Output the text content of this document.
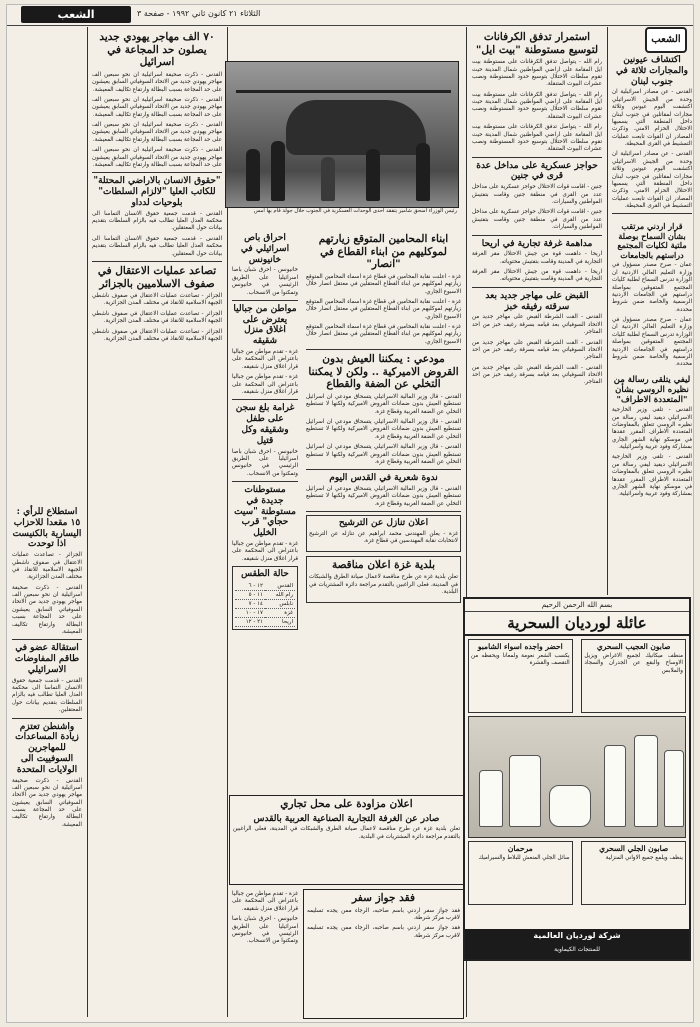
الشعب	الثلاثاء ٢١ كانون ثاني ١٩٩٢ - صفحة ٣
الشعب
اكتشاف عيونين والمجارات ثلاثة في جنوب لبنان

القدس - عن مصادر اسرائيلية ان وحدة من الجيش الاسرائيلي اكتشفت اليوم عيونين وثلاثة مجارات لمقاتلين في جنوب لبنان داخل المنطقة التي يسميها الاحتلال الحزام الامني. وذكرت المصادر ان القوات تابعت عمليات التمشيط في القرى المحيطة.

القدس - عن مصادر اسرائيلية ان وحدة من الجيش الاسرائيلي اكتشفت اليوم عيونين وثلاثة مجارات لمقاتلين في جنوب لبنان داخل المنطقة التي يسميها الاحتلال الحزام الامني. وذكرت المصادر ان القوات تابعت عمليات التمشيط في القرى المحيطة.

قرار اردني مرتقب بشأن السماح بوصلة ملتية لكليات المجتمع دراستهم بالجامعات

عمان - صرح مصدر مسؤول في وزارة التعليم العالي الاردنية ان الوزارة تدرس السماح لطلبة كليات المجتمع المتفوقين بمواصلة دراستهم في الجامعات الاردنية الرسمية والخاصة ضمن شروط محددة.

عمان - صرح مصدر مسؤول في وزارة التعليم العالي الاردنية ان الوزارة تدرس السماح لطلبة كليات المجتمع المتفوقين بمواصلة دراستهم في الجامعات الاردنية الرسمية والخاصة ضمن شروط محددة.

ليفي يتلقى رسالة من نظيره الروسي بشأن "المتعددة الاطراف"

القدس - تلقى وزير الخارجية الاسرائيلي ديفيد ليفي رسالة من نظيره الروسي تتعلق بالمفاوضات المتعددة الاطراف المقرر عقدها في موسكو نهاية الشهر الجاري بمشاركة وفود عربية واسرائيلية.

القدس - تلقى وزير الخارجية الاسرائيلي ديفيد ليفي رسالة من نظيره الروسي تتعلق بالمفاوضات المتعددة الاطراف المقرر عقدها في موسكو نهاية الشهر الجاري بمشاركة وفود عربية واسرائيلية.

استمرار تدفق الكرفانات لتوسيع مستوطنة "بيت ايل"

رام الله - يتواصل تدفق الكرفانات على مستوطنة بيت ايل المقامة على اراضي المواطنين شمال المدينة حيث تقوم سلطات الاحتلال بتوسيع حدود المستوطنة ونصب عشرات البيوت المتنقلة.

رام الله - يتواصل تدفق الكرفانات على مستوطنة بيت ايل المقامة على اراضي المواطنين شمال المدينة حيث تقوم سلطات الاحتلال بتوسيع حدود المستوطنة ونصب عشرات البيوت المتنقلة.

رام الله - يتواصل تدفق الكرفانات على مستوطنة بيت ايل المقامة على اراضي المواطنين شمال المدينة حيث تقوم سلطات الاحتلال بتوسيع حدود المستوطنة ونصب عشرات البيوت المتنقلة.

حواجز عسكرية على مداخل عدة قرى في جنين

جنين - اقامت قوات الاحتلال حواجز عسكرية على مداخل عدد من القرى في منطقة جنين وقامت بتفتيش المواطنين والسيارات.

جنين - اقامت قوات الاحتلال حواجز عسكرية على مداخل عدد من القرى في منطقة جنين وقامت بتفتيش المواطنين والسيارات.

مداهمة غرفة تجارية في اريحا

اريحا - داهمت قوة من جيش الاحتلال مقر الغرفة التجارية في المدينة وقامت بتفتيش محتوياته.

اريحا - داهمت قوة من جيش الاحتلال مقر الغرفة التجارية في المدينة وقامت بتفتيش محتوياته.

القبض على مهاجر جديد بعد سرقته رفيقه خبز

القدس - القت الشرطة القبض على مهاجر جديد من الاتحاد السوفياتي بعد قيامه بسرقة رغيف خبز من احد المتاجر.

القدس - القت الشرطة القبض على مهاجر جديد من الاتحاد السوفياتي بعد قيامه بسرقة رغيف خبز من احد المتاجر.

القدس - القت الشرطة القبض على مهاجر جديد من الاتحاد السوفياتي بعد قيامه بسرقة رغيف خبز من احد المتاجر.

رئيس الوزراء اسحق شامير يتفقد احدى الوحدات العسكرية في الجنوب خلال جولة قام بها امس
ابناء المحامين المتوقع زيارتهم لموكليهم من ابناء القطاع في "انصار"

غزة - اعلنت نقابة المحامين في قطاع غزة اسماء المحامين المتوقع زيارتهم لموكليهم من ابناء القطاع المعتقلين في معتقل انصار خلال الاسبوع الجاري.

غزة - اعلنت نقابة المحامين في قطاع غزة اسماء المحامين المتوقع زيارتهم لموكليهم من ابناء القطاع المعتقلين في معتقل انصار خلال الاسبوع الجاري.

غزة - اعلنت نقابة المحامين في قطاع غزة اسماء المحامين المتوقع زيارتهم لموكليهم من ابناء القطاع المعتقلين في معتقل انصار خلال الاسبوع الجاري.

مودعي : يمكننا العيش بدون القروض الاميركية .. ولكن لا يمكننا التخلي عن الضفة والقطاع

القدس - قال وزير المالية الاسرائيلي يتسحاق مودعي ان اسرائيل تستطيع العيش بدون ضمانات القروض الاميركية ولكنها لا تستطيع التخلي عن الضفة الغربية وقطاع غزة.

القدس - قال وزير المالية الاسرائيلي يتسحاق مودعي ان اسرائيل تستطيع العيش بدون ضمانات القروض الاميركية ولكنها لا تستطيع التخلي عن الضفة الغربية وقطاع غزة.

القدس - قال وزير المالية الاسرائيلي يتسحاق مودعي ان اسرائيل تستطيع العيش بدون ضمانات القروض الاميركية ولكنها لا تستطيع التخلي عن الضفة الغربية وقطاع غزة.

ندوة شعرية في القدس اليوم

القدس - قال وزير المالية الاسرائيلي يتسحاق مودعي ان اسرائيل تستطيع العيش بدون ضمانات القروض الاميركية ولكنها لا تستطيع التخلي عن الضفة الغربية وقطاع غزة.

اعلان تنازل عن الترشيح

غزة - يعلن المهندس محمد ابراهيم عن تنازله عن الترشيح لانتخابات نقابة المهندسين في قطاع غزة.

بلدية غزة اعلان مناقصة

تعلن بلدية غزة عن طرح مناقصة لاعمال صيانة الطرق والشبكات في المدينة، فعلى الراغبين بالتقدم مراجعة دائرة المشتريات في البلدية.

احراق باص اسرائيلي في خانيونس

خانيونس - احرق شبان باصا اسرائيليا على الطريق الرئيسي في خانيونس وتمكنوا من الانسحاب.

مواطن من جباليا يعترض على اغلاق منزل شقيقه

غزة - تقدم مواطن من جباليا باعتراض الى المحكمة على قرار اغلاق منزل شقيقه.

غزة - تقدم مواطن من جباليا باعتراض الى المحكمة على قرار اغلاق منزل شقيقه.

غرامة بلغ سجن على طفل وشقيقه وكل قتيل

خانيونس - احرق شبان باصا اسرائيليا على الطريق الرئيسي في خانيونس وتمكنوا من الانسحاب.

مستوطنات جديدة في مستوطنة "سيت حجاي" قرب الخليل

غزة - تقدم مواطن من جباليا باعتراض الى المحكمة على قرار اغلاق منزل شقيقه.

حالة الطقس
القدس	١٢ - ٦
رام الله	١١ - ٥
نابلس	١٤ - ٧
غزة	١٧ - ١٠
اريحا	٢١ - ١٢
اعلان مزاودة على محل تجاري
صادر عن الغرفة التجارية الصناعية العربية بالقدس

تعلن بلدية غزة عن طرح مناقصة لاعمال صيانة الطرق والشبكات في المدينة، فعلى الراغبين بالتقدم مراجعة دائرة المشتريات في البلدية.

فقد جواز سفر

فقد جواز سفر اردني باسم صاحبه، الرجاء ممن يجده تسليمه لاقرب مركز شرطة.

فقد جواز سفر اردني باسم صاحبه، الرجاء ممن يجده تسليمه لاقرب مركز شرطة.

غزة - تقدم مواطن من جباليا باعتراض الى المحكمة على قرار اغلاق منزل شقيقه.

خانيونس - احرق شبان باصا اسرائيليا على الطريق الرئيسي في خانيونس وتمكنوا من الانسحاب.

٧٠ الف مهاجر يهودي جديد يصلون حد المجاعة في اسرائيل

القدس - ذكرت صحيفة اسرائيلية ان نحو سبعين الف مهاجر يهودي جديد من الاتحاد السوفياتي السابق يعيشون على حد المجاعة بسبب البطالة وارتفاع تكاليف المعيشة.

القدس - ذكرت صحيفة اسرائيلية ان نحو سبعين الف مهاجر يهودي جديد من الاتحاد السوفياتي السابق يعيشون على حد المجاعة بسبب البطالة وارتفاع تكاليف المعيشة.

القدس - ذكرت صحيفة اسرائيلية ان نحو سبعين الف مهاجر يهودي جديد من الاتحاد السوفياتي السابق يعيشون على حد المجاعة بسبب البطالة وارتفاع تكاليف المعيشة.

القدس - ذكرت صحيفة اسرائيلية ان نحو سبعين الف مهاجر يهودي جديد من الاتحاد السوفياتي السابق يعيشون على حد المجاعة بسبب البطالة وارتفاع تكاليف المعيشة.

"حقوق الانسان بالاراضي المحتلة" للكاتب العليا "لالزام السلطات" بلوحيات لدداو

القدس - قدمت جمعية حقوق الانسان التماسا الى محكمة العدل العليا تطالب فيه بالزام السلطات بتقديم بيانات حول المعتقلين.

القدس - قدمت جمعية حقوق الانسان التماسا الى محكمة العدل العليا تطالب فيه بالزام السلطات بتقديم بيانات حول المعتقلين.

تصاعد عمليات الاعتقال في صفوف الاسلاميين بالجزائر

الجزائر - تصاعدت عمليات الاعتقال في صفوف ناشطي الجبهة الاسلامية للانقاذ في مختلف المدن الجزائرية.

الجزائر - تصاعدت عمليات الاعتقال في صفوف ناشطي الجبهة الاسلامية للانقاذ في مختلف المدن الجزائرية.

الجزائر - تصاعدت عمليات الاعتقال في صفوف ناشطي الجبهة الاسلامية للانقاذ في مختلف المدن الجزائرية.

استطلاع للرأي : ١٥ مقعدا للاحزاب اليسارية بالكنيست اذا توحدت

الجزائر - تصاعدت عمليات الاعتقال في صفوف ناشطي الجبهة الاسلامية للانقاذ في مختلف المدن الجزائرية.

القدس - ذكرت صحيفة اسرائيلية ان نحو سبعين الف مهاجر يهودي جديد من الاتحاد السوفياتي السابق يعيشون على حد المجاعة بسبب البطالة وارتفاع تكاليف المعيشة.

استقالة عضو في طاقم المفاوضات الاسرائيلي

القدس - قدمت جمعية حقوق الانسان التماسا الى محكمة العدل العليا تطالب فيه بالزام السلطات بتقديم بيانات حول المعتقلين.

واشنطن تعتزم زيادة المساعدات للمهاجرين السوفييت الى الولايات المتحدة

القدس - ذكرت صحيفة اسرائيلية ان نحو سبعين الف مهاجر يهودي جديد من الاتحاد السوفياتي السابق يعيشون على حد المجاعة بسبب البطالة وارتفاع تكاليف المعيشة.

بسم الله الرحمن الرحيم
عائلة لورديان السحرية
صابون العجيب السحري

منظف ميكانيك لجميع الاغراض ويزيل الاوساخ والبقع عن الجدران والسجاد والملابس

احضر واجده اسواء الشامبو

يكسب الشعر نعومة ولمعانا ويحفظه من التقصف والقشرة

صابون الجلي السحري

ينظف ويلمع جميع الاواني المنزلية

مرحمان

سائل الجلي المنعش للبلاط والسيراميك

شركة لورديان العالمية
للمنتجات الكيماوية
